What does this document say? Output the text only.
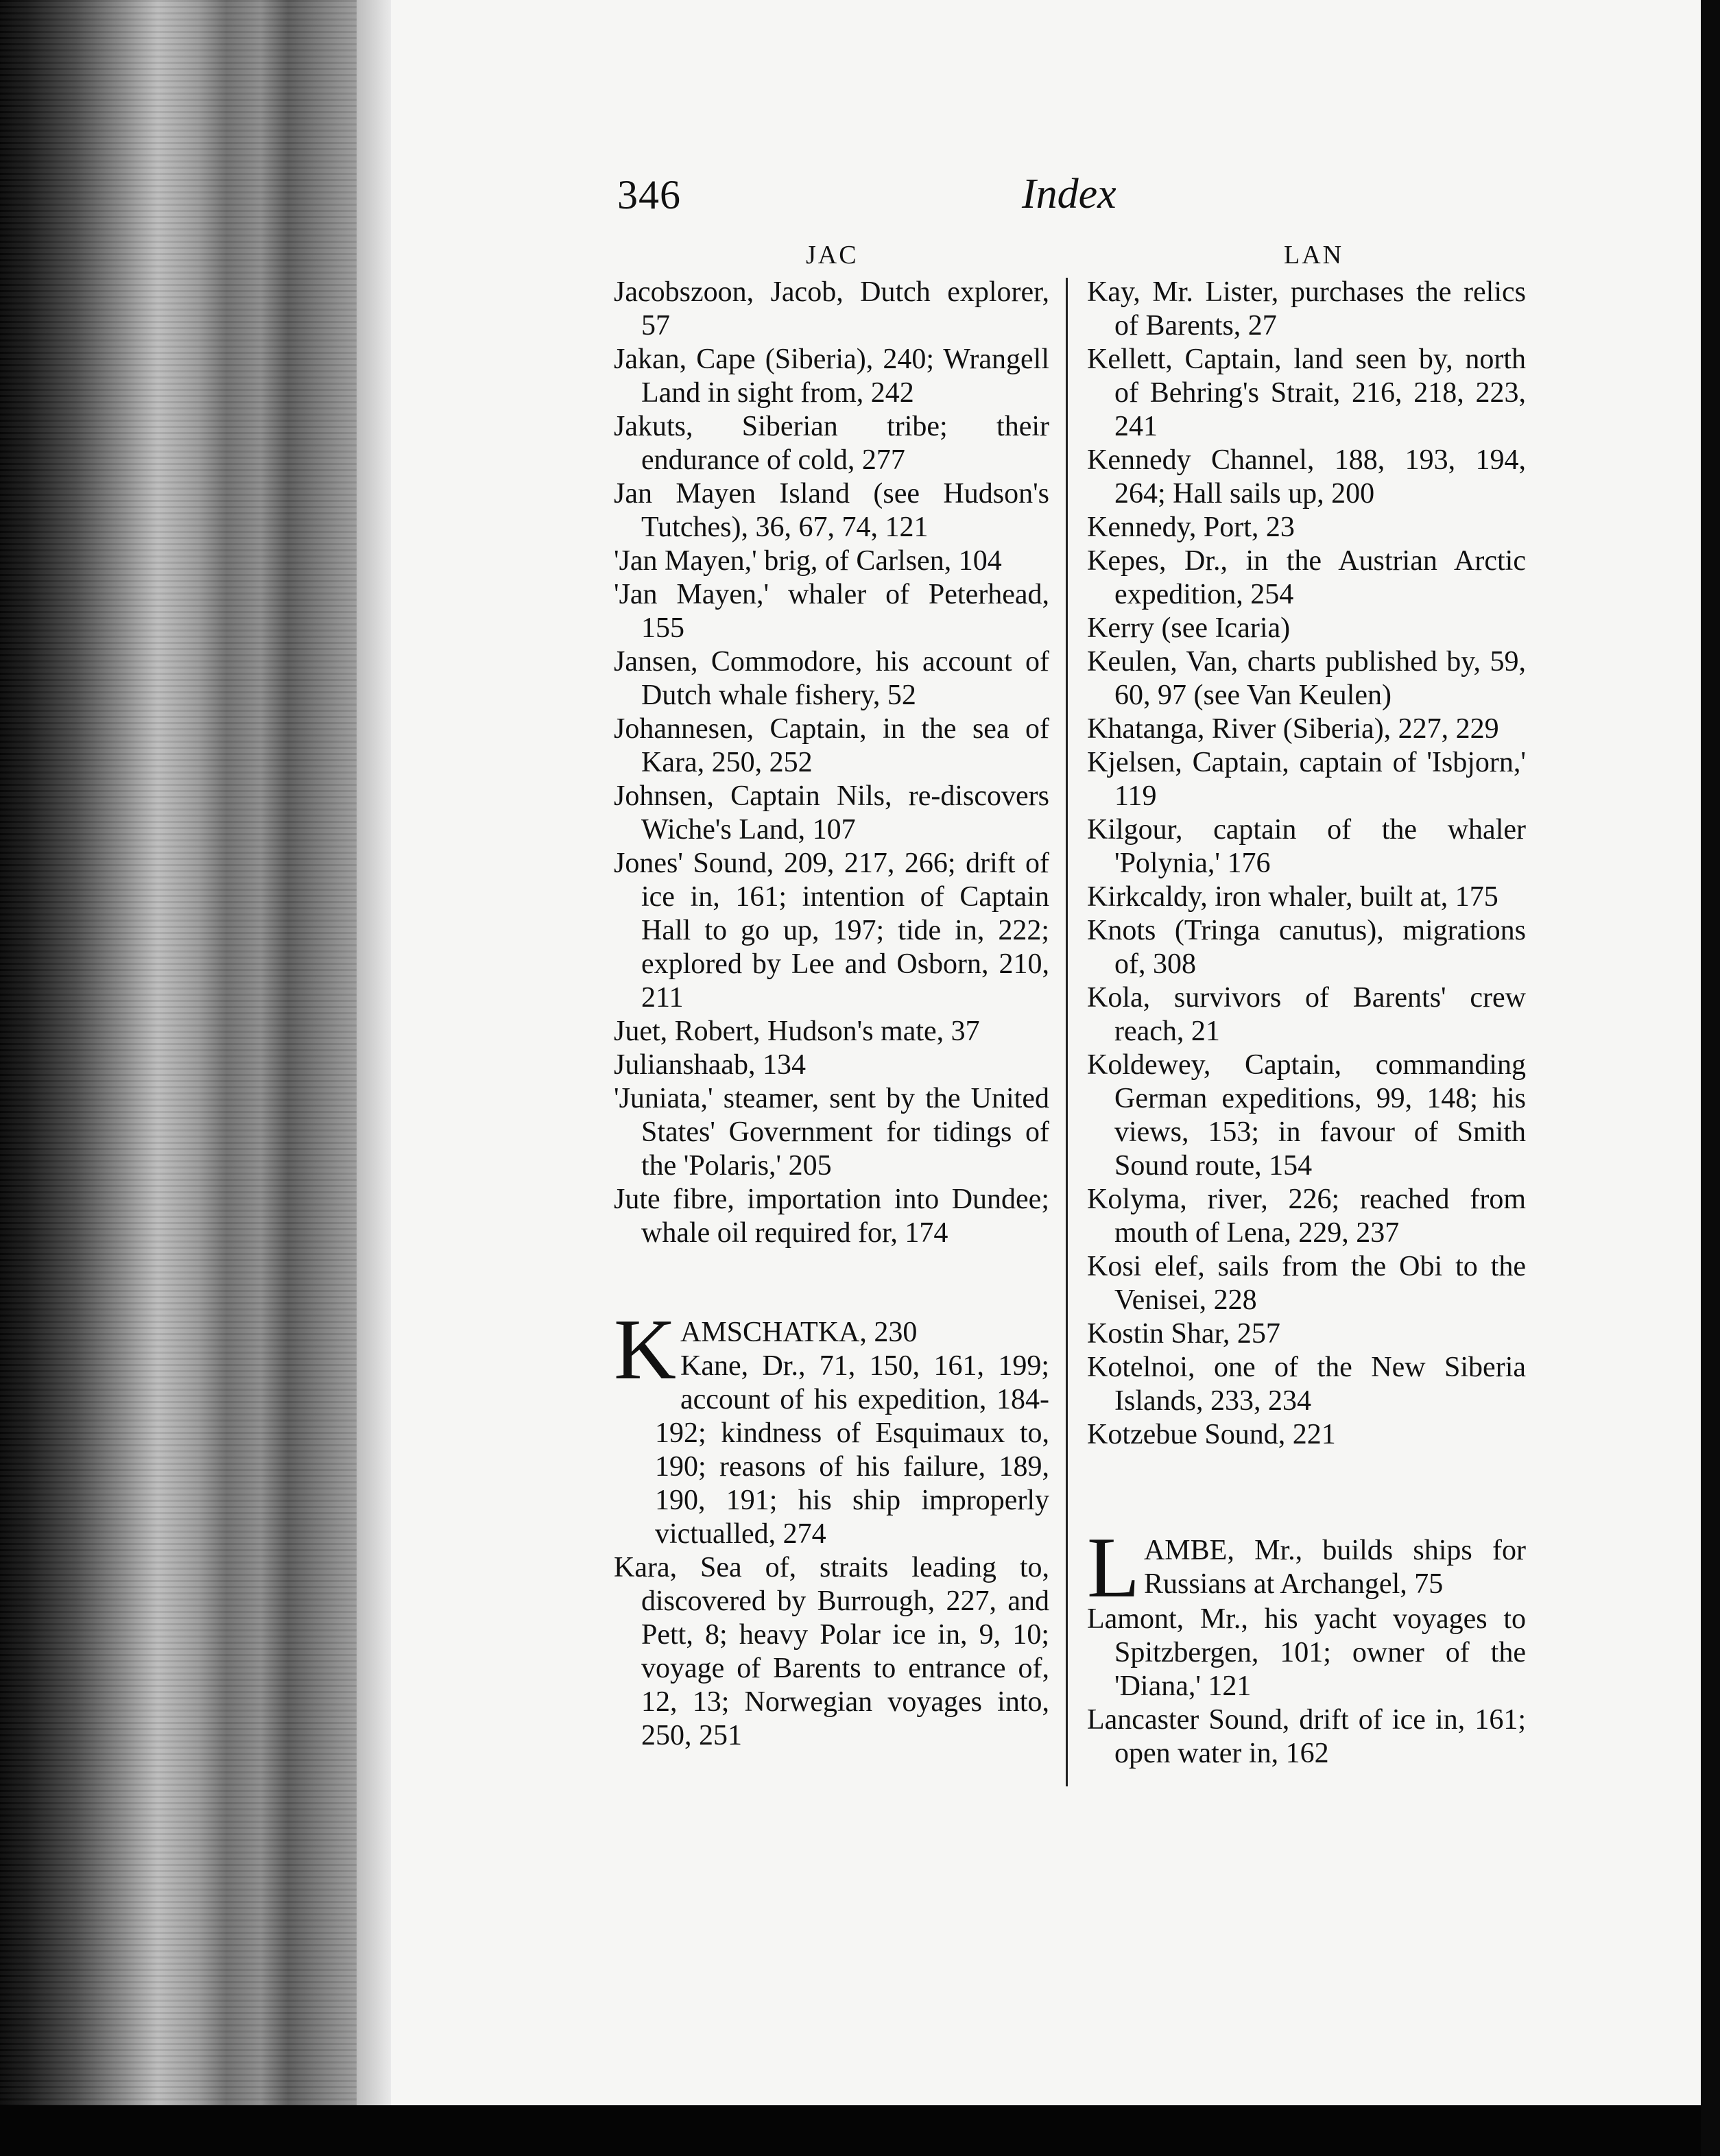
346	Index
JAC	LAN
Jacobszoon, Jacob, Dutch explorer, 57
Jakan, Cape (Siberia), 240; Wrangell Land in sight from, 242
Jakuts, Siberian tribe; their endurance of cold, 277
Jan Mayen Island (see Hudson's Tutches), 36, 67, 74, 121
'Jan Mayen,' brig, of Carlsen, 104
'Jan Mayen,' whaler of Peterhead, 155
Jansen, Commodore, his account of Dutch whale fishery, 52
Johannesen, Captain, in the sea of Kara, 250, 252
Johnsen, Captain Nils, re-discovers Wiche's Land, 107
Jones' Sound, 209, 217, 266; drift of ice in, 161; intention of Captain Hall to go up, 197; tide in, 222; explored by Lee and Osborn, 210, 211
Juet, Robert, Hudson's mate, 37
Julianshaab, 134
'Juniata,' steamer, sent by the United States' Government for tidings of the 'Polaris,' 205
Jute fibre, importation into Dundee; whale oil required for, 174
K AMSCHATKA, 230
Kane, Dr., 71, 150, 161, 199; account of his expedition, 184-192; kindness of Esquimaux to, 190; reasons of his failure, 189, 190, 191; his ship improperly victualled, 274
Kara, Sea of, straits leading to, discovered by Burrough, 227, and Pett, 8; heavy Polar ice in, 9, 10; voyage of Barents to entrance of, 12, 13; Norwegian voyages into, 250, 251
Kay, Mr. Lister, purchases the relics of Barents, 27
Kellett, Captain, land seen by, north of Behring's Strait, 216, 218, 223, 241
Kennedy Channel, 188, 193, 194, 264; Hall sails up, 200
Kennedy, Port, 23
Kepes, Dr., in the Austrian Arctic expedition, 254
Kerry (see Icaria)
Keulen, Van, charts published by, 59, 60, 97 (see Van Keulen)
Khatanga, River (Siberia), 227, 229
Kjelsen, Captain, captain of 'Isbjorn,' 119
Kilgour, captain of the whaler 'Polynia,' 176
Kirkcaldy, iron whaler, built at, 175
Knots (Tringa canutus), migrations of, 308
Kola, survivors of Barents' crew reach, 21
Koldewey, Captain, commanding German expeditions, 99, 148; his views, 153; in favour of Smith Sound route, 154
Kolyma, river, 226; reached from mouth of Lena, 229, 237
Kosi elef, sails from the Obi to the Venisei, 228
Kostin Shar, 257
Kotelnoi, one of the New Siberia Islands, 233, 234
Kotzebue Sound, 221
L AMBE, Mr., builds ships for Russians at Archangel, 75
Lamont, Mr., his yacht voyages to Spitzbergen, 101; owner of the 'Diana,' 121
Lancaster Sound, drift of ice in, 161; open water in, 162
